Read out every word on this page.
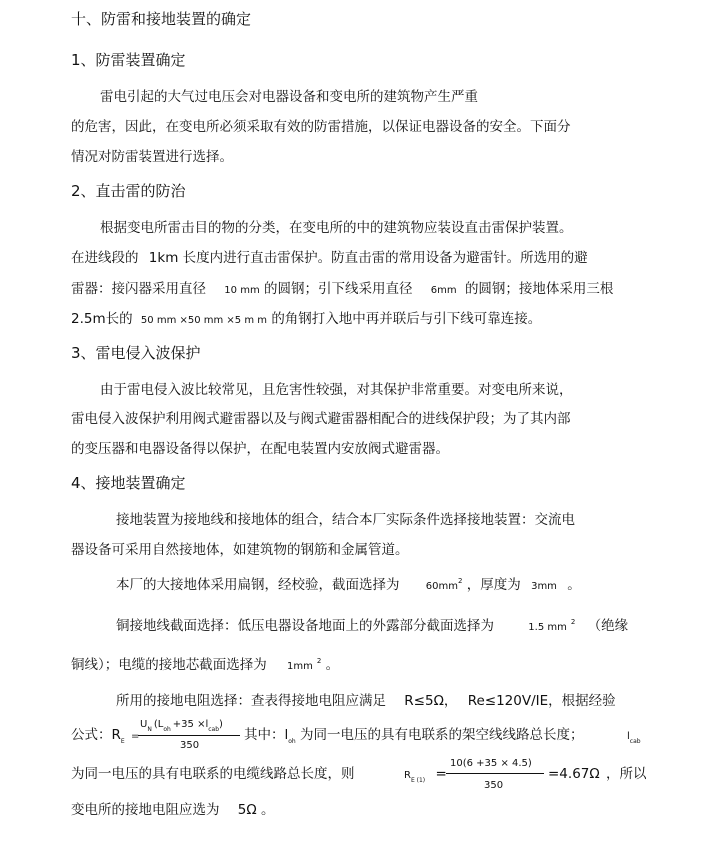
十、防雷和接地装置的确定
1、防雷装置确定
雷电引起的大气过电压会对电器设备和变电所的建筑物产生严重
的危害，因此，在变电所必须采取有效的防雷措施，以保证电器设备的安全。下面分
情况对防雷装置进行选择。
2、直击雷的防治
根据变电所雷击目的物的分类，在变电所的中的建筑物应装设直击雷保护装置。
在进线段的 1km 长度内进行直击雷保护。防直击雷的常用设备为避雷针。所选用的避
雷器：接闪器采用直径 10 mm 的圆钢；引下线采用直径 6mm 的圆钢；接地体采用三根
2.5m长的 50 mm ×50 mm ×5 m m 的角钢打入地中再并联后与引下线可靠连接。
3、雷电侵入波保护
由于雷电侵入波比较常见，且危害性较强，对其保护非常重要。对变电所来说，
雷电侵入波保护利用阀式避雷器以及与阀式避雷器相配合的进线保护段；为了其内部
的变压器和电器设备得以保护，在配电装置内安放阀式避雷器。
4、接地装置确定
接地装置为接地线和接地体的组合，结合本厂实际条件选择接地装置：交流电
器设备可采用自然接地体，如建筑物的钢筋和金属管道。
本厂的大接地体采用扁钢，经校验，截面选择为	$60mm^2$ ，厚度为 3mm 。
铜接地线截面选择：低压电器设备地面上的外露部分截面选择为	1.5 mm $^2$ （绝缘
铜线）；电缆的接地芯截面选择为 1mm $^2$ 。
所用的接地电阻选择：查表得接地电阻应满足 R≤5Ω， Re≤120V/IE，根据经验
公式：$R_E$ =
$U_N$ $(L_{oh} +35 \times l_{cab})$
350
其中：$l_{oh}$ 为同一电压的具有电联系的架空线线路总长度；	$l_{cab}$
为同一电压的具有电联系的电缆线路总长度，则	$R_{E (1)}$ =
10(6 +35 × 4.5)
350
=4.67Ω ，所以
变电所的接地电阻应选为 5Ω 。
